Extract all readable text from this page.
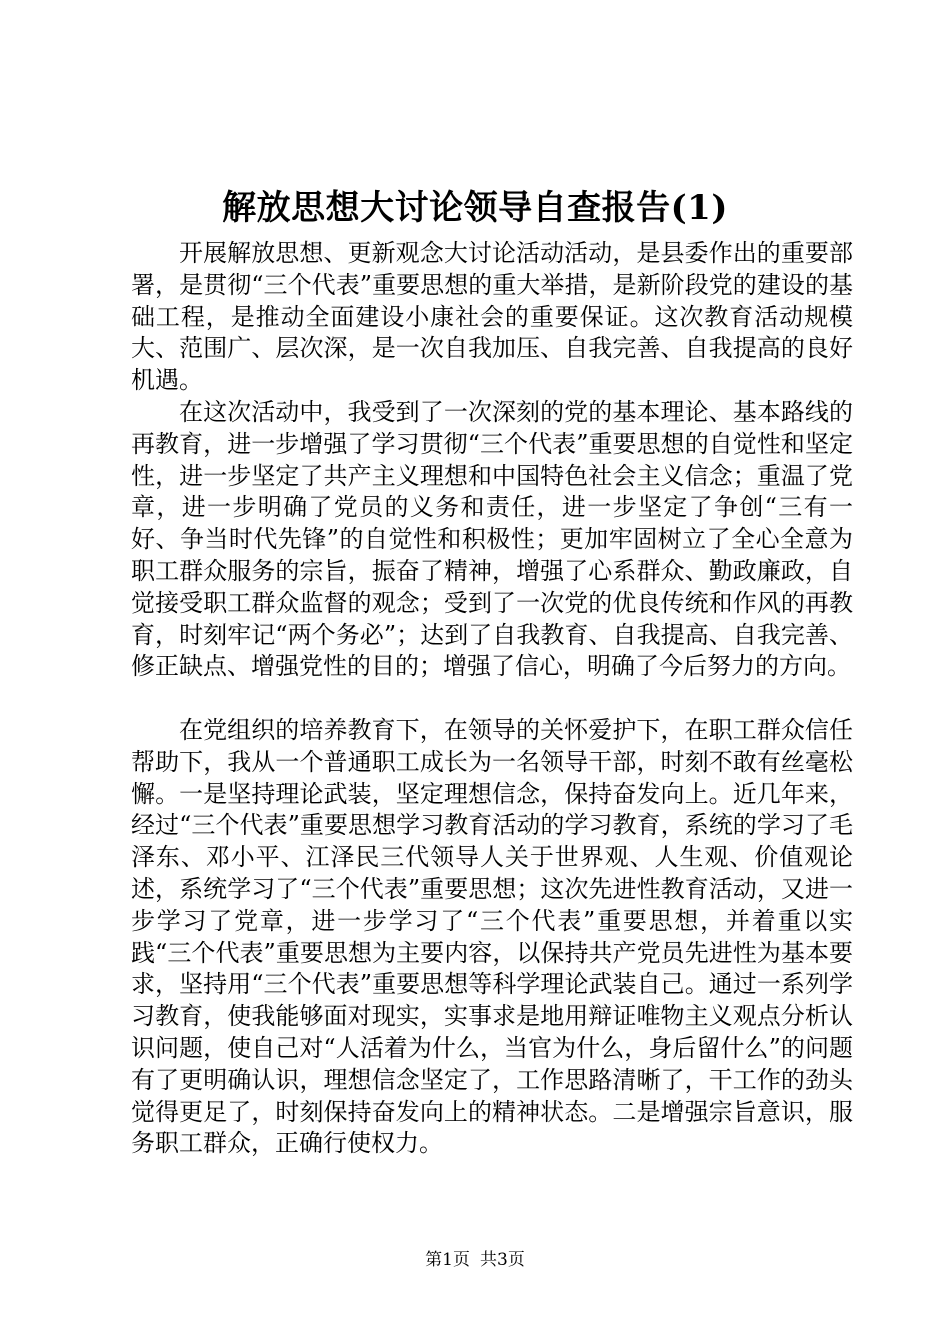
解放思想大讨论领导自查报告(1)

开展解放思想、更新观念大讨论活动活动，是县委作出的重要部署，是贯彻“三个代表”重要思想的重大举措，是新阶段党的建设的基础工程，是推动全面建设小康社会的重要保证。这次教育活动规模大、范围广、层次深，是一次自我加压、自我完善、自我提高的良好机遇。

在这次活动中，我受到了一次深刻的党的基本理论、基本路线的再教育，进一步增强了学习贯彻“三个代表”重要思想的自觉性和坚定性，进一步坚定了共产主义理想和中国特色社会主义信念；重温了党章，进一步明确了党员的义务和责任，进一步坚定了争创“三有一好、争当时代先锋”的自觉性和积极性；更加牢固树立了全心全意为职工群众服务的宗旨，振奋了精神，增强了心系群众、勤政廉政，自觉接受职工群众监督的观念；受到了一次党的优良传统和作风的再教育，时刻牢记“两个务必”；达到了自我教育、自我提高、自我完善、修正缺点、增强党性的目的；增强了信心，明确了今后努力的方向。

在党组织的培养教育下，在领导的关怀爱护下，在职工群众信任帮助下，我从一个普通职工成长为一名领导干部，时刻不敢有丝毫松懈。一是坚持理论武装，坚定理想信念，保持奋发向上。近几年来，经过“三个代表”重要思想学习教育活动的学习教育，系统的学习了毛泽东、邓小平、江泽民三代领导人关于世界观、人生观、价值观论述，系统学习了“三个代表”重要思想；这次先进性教育活动，又进一步学习了党章，进一步学习了“三个代表”重要思想，并着重以实践“三个代表”重要思想为主要内容，以保持共产党员先进性为基本要求，坚持用“三个代表”重要思想等科学理论武装自己。通过一系列学习教育，使我能够面对现实，实事求是地用辩证唯物主义观点分析认识问题，使自己对“人活着为什么，当官为什么，身后留什么”的问题有了更明确认识，理想信念坚定了，工作思路清晰了，干工作的劲头觉得更足了，时刻保持奋发向上的精神状态。二是增强宗旨意识，服务职工群众，正确行使权力。

第1页 共3页
